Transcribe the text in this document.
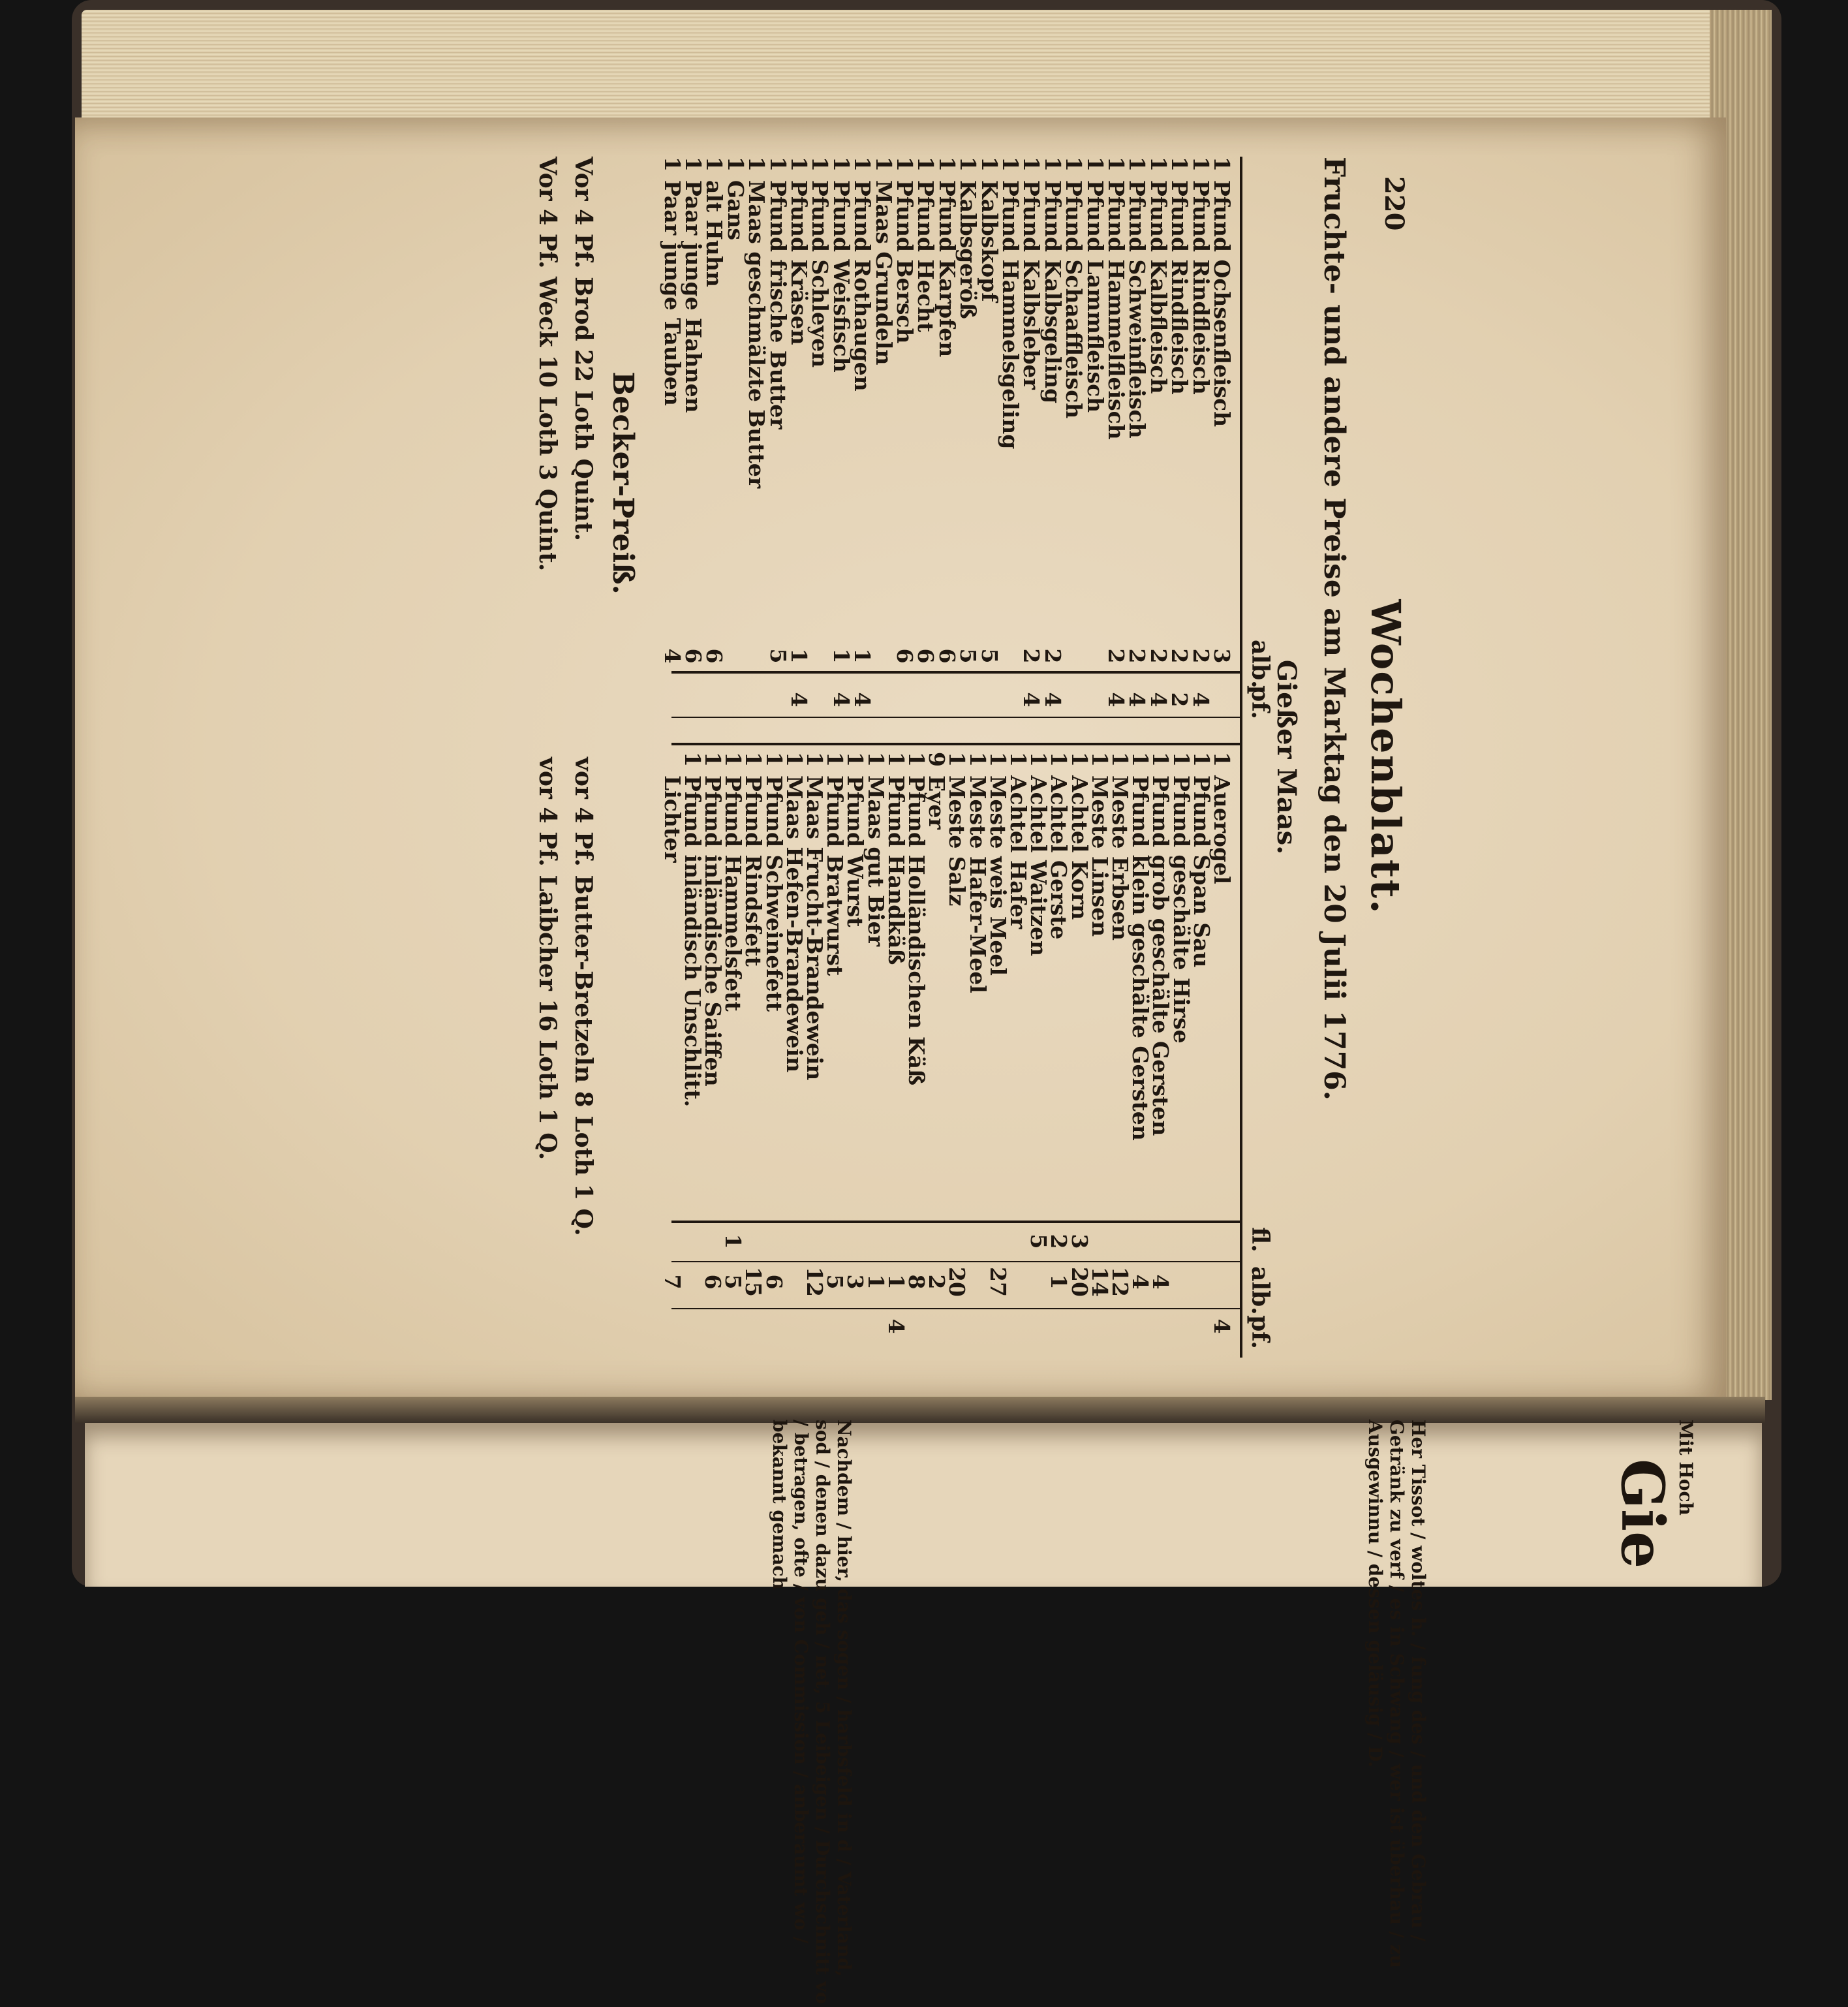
220
Wochenblatt.
Fruchte- und andere Preise am Marktag den 20 Julii 1776.
Gießer Maas.
alb.
pf.
fl.
alb.
pf.
1
Pfund Ochsenfleisch
3
1
Pfund Rindfleisch
2
4
1
Pfund Rindfleisch
2
2
1
Pfund Kalbfleisch
2
4
1
Pfund Schweinfleisch
2
4
1
Pfund Hammelfleisch
2
4
1
Pfund Lammfleisch
1
Pfund Schaaffleisch
1
Pfund Kalbsgeling
2
4
1
Pfund Kalbsleber
2
4
1
Pfund Hammelsgeling
1
Kalbskopf
5
1
Kalbsgeröß
5
1
Pfund Karpfen
6
1
Pfund Hecht
6
1
Pfund Bersch
6
1
Maas Grundeln
1
Pfund Rothaugen
1
4
1
Pfund Weisfisch
1
4
1
Pfund Schleyen
1
Pfund Kräsen
1
4
1
Pfund frische Butter
5
1
Maas geschmälzte Butter
1
Gans
1
alt Huhn
6
1
Paar junge Hahnen
6
1
Paar junge Tauben
4
1
Auerogel
4
1
Pfund Span Sau
1
Pfund geschälte Hirse
1
Pfund grob geschälte Gersten
4
1
Pfund klein geschälte Gersten
4
1
Meste Erbsen
12
1
Meste Linsen
14
1
Achtel Korn
3
20
1
Achtel Gerste
2
1
1
Achtel Waitzen
5
1
Achtel Hafer
1
Meste weis Meel
27
1
Meste Hafer-Meel
1
Meste Salz
20
9
Eyer
2
1
Pfund Holländischen Käß
8
1
Pfund Handkäß
1
4
1
Maas gut Bier
1
1
Pfund Wurst
3
1
Pfund Bratwurst
5
1
Maas Frucht-Brandewein
12
1
Maas Hefen-Brandewein
1
Pfund Schweinefett
6
1
Pfund Rindsfett
15
1
Pfund Hammelsfett
1
5
1
Pfund inländische Saiffen
6
1
Pfund inländisch Unschlitt.
Lichter
7
Becker-Preiß.
Vor 4 Pf. Brod 22 Loth Quint.
vor 4 Pf. Butter-Bretzeln 8 Loth 1 Q.
Vor 4 Pf. Weck 10 Loth 3 Quint.
vor 4 Pf. Laibcher 16 Loth 1 Q.
Gie
Mit Hoch
Her Tissot / woltes h. / fung des / und den Gebrau / Getränk zu verf / es in Schwang / wer ist überhau / zu Ausgewinnu / dessen geläusig / D.
Nachdem / hier, das sogen / harbsfeld in d / Vaterland, sod / denen dazu geh / net, 5 Leibeigen / Durchschnitt vo / betragen, ofte / von Commission / anberaumt wo / bekannt gemach
